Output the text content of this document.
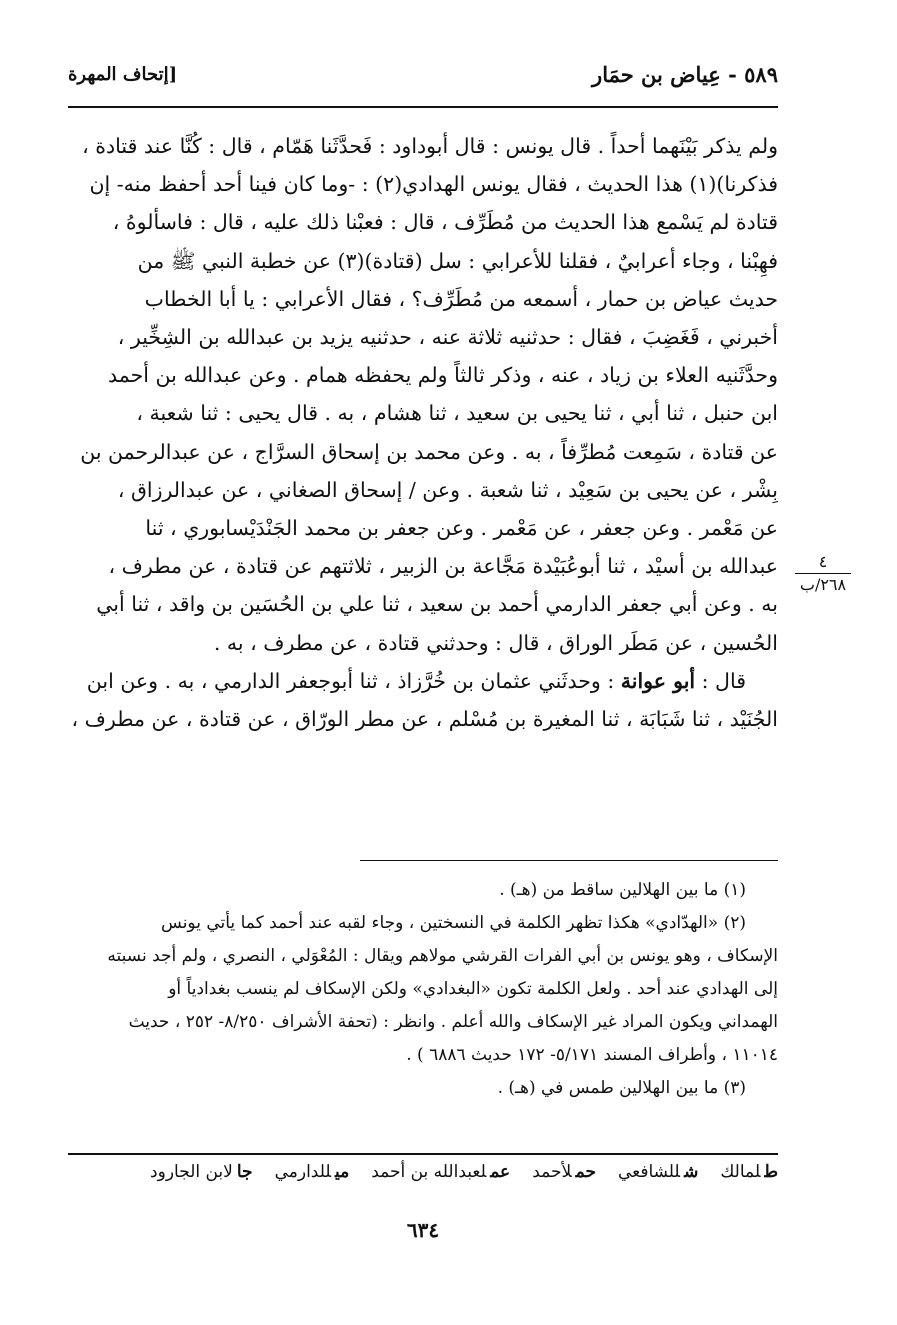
٥٨٩ - عِياض بن حمَار
[إتحاف المهرة
ولم يذكر بَيْنَهما أحداً . قال يونس : قال أبوداود : فَحدَّثَنا هَمّام ، قال : كُنَّا عند قتادة ،
فذكرنا)(١) هذا الحديث ، فقال يونس الهدادي(٢) : -وما كان فينا أحد أحفظ منه- إن
قتادة لم يَسْمع هذا الحديث من مُطَرِّف ، قال : فعبْنا ذلك عليه ، قال : فاسألوهُ ،
فهِبْنا ، وجاء أعرابيٌ ، فقلنا للأعرابي : سل (قتادة)(٣) عن خطبة النبي ﷺ من
حديث عياض بن حمار ، أسمعه من مُطَرِّف؟ ، فقال الأعرابي : يا أبا الخطاب
أخبرني ، فَغَضِبَ ، فقال : حدثنيه ثلاثة عنه ، حدثنيه يزيد بن عبدالله بن الشِخِّير ،
وحدَّثَنيه العلاء بن زياد ، عنه ، وذكر ثالثاً ولم يحفظه همام . وعن عبدالله بن أحمد
ابن حنبل ، ثنا أبي ، ثنا يحيى بن سعيد ، ثنا هشام ، به . قال يحيى : ثنا شعبة ،
عن قتادة ، سَمِعت مُطرِّفاً ، به . وعن محمد بن إسحاق السرَّاج ، عن عبدالرحمن بن
بِشْر ، عن يحيى بن سَعِيْد ، ثنا شعبة . وعن / إسحاق الصغاني ، عن عبدالرزاق ،
عن مَعْمر . وعن جعفر ، عن مَعْمر . وعن جعفر بن محمد الجَنْدَيْسابوري ، ثنا
عبدالله بن أسيْد ، ثنا أبوعُبَيْدة مَجَّاعة بن الزبير ، ثلاثتهم عن قتادة ، عن مطرف ،
به . وعن أبي جعفر الدارمي أحمد بن سعيد ، ثنا علي بن الحُسَين بن واقد ، ثنا أبي
الحُسين ، عن مَطَر الوراق ، قال : وحدثني قتادة ، عن مطرف ، به .
قال : أبو عوانة : وحدثَني عثمان بن خُرَّزاذ ، ثنا أبوجعفر الدارمي ، به . وعن ابن
الجُنَيْد ، ثنا شَبَابَة ، ثنا المغيرة بن مُسْلم ، عن مطر الورّاق ، عن قتادة ، عن مطرف ،
(١) ما بين الهلالين ساقط من (هـ) .
(٢) «الهدّادي» هكذا تظهر الكلمة في النسختين ، وجاء لقبه عند أحمد كما يأتي يونس
الإسكاف ، وهو يونس بن أبي الفرات القرشي مولاهم ويقال : المُعْوَلي ، النصري ، ولم أجد نسبته
إلى الهدادي عند أحد . ولعل الكلمة تكون «البغدادي» ولكن الإسكاف لم ينسب بغدادياً أو
الهمداني ويكون المراد غير الإسكاف والله أعلم . وانظر : (تحفة الأشراف ٨/٢٥٠- ٢٥٢ ، حديث
١١٠١٤ ، وأطراف المسند ٥/١٧١- ١٧٢ حديث ٦٨٨٦ ) .
(٣) ما بين الهلالين طمس في (هـ) .
طلمالك
شللشافعي
حملأحمد
عملعبدالله بن أحمد
ميللدارمي
جالابن الجارود
٦٣٤
٤
٢٦٨/ب
